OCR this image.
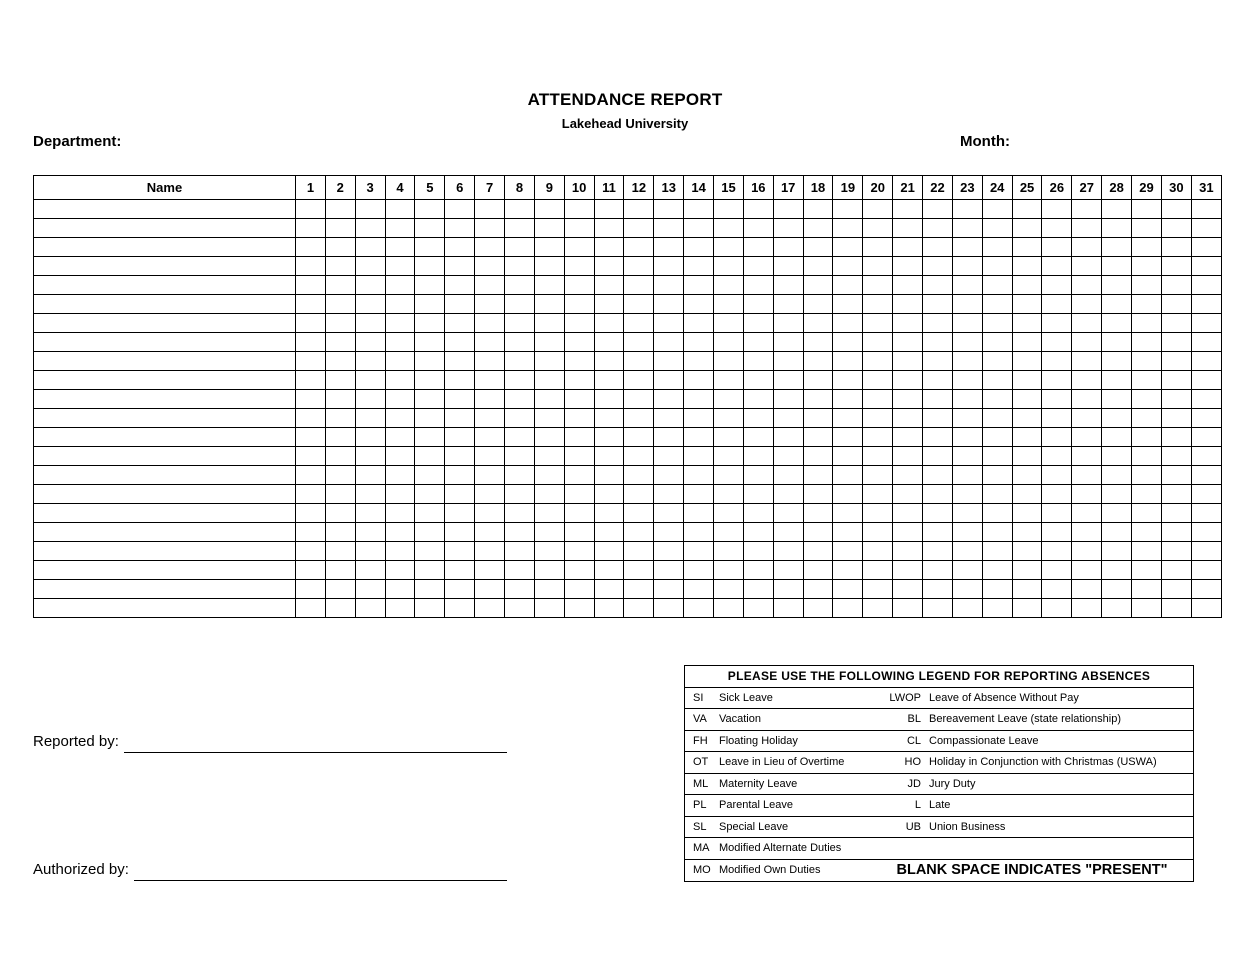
ATTENDANCE REPORT
Lakehead University
Department:	Month:
Name	1	2	3	4	5	6	7	8	9	10	11	12	13	14	15	16	17	18	19	20	21	22	23	24	25	26	27	28	29	30	31

Reported by:
Authorized by:
PLEASE USE THE FOLLOWING LEGEND FOR REPORTING ABSENCES
SI	Sick Leave	LWOP Leave of Absence Without Pay
VA	Vacation	BL Bereavement Leave (state relationship)
FH	Floating Holiday	CL Compassionate Leave
OT Leave in Lieu of Overtime	HO Holiday in Conjunction with Christmas (USWA)
ML Maternity Leave	JD Jury Duty
PL	Parental Leave	L Late
SL	Special Leave	UB Union Business
MA Modified Alternate Duties
MO Modified Own Duties	BLANK SPACE INDICATES "PRESENT"
